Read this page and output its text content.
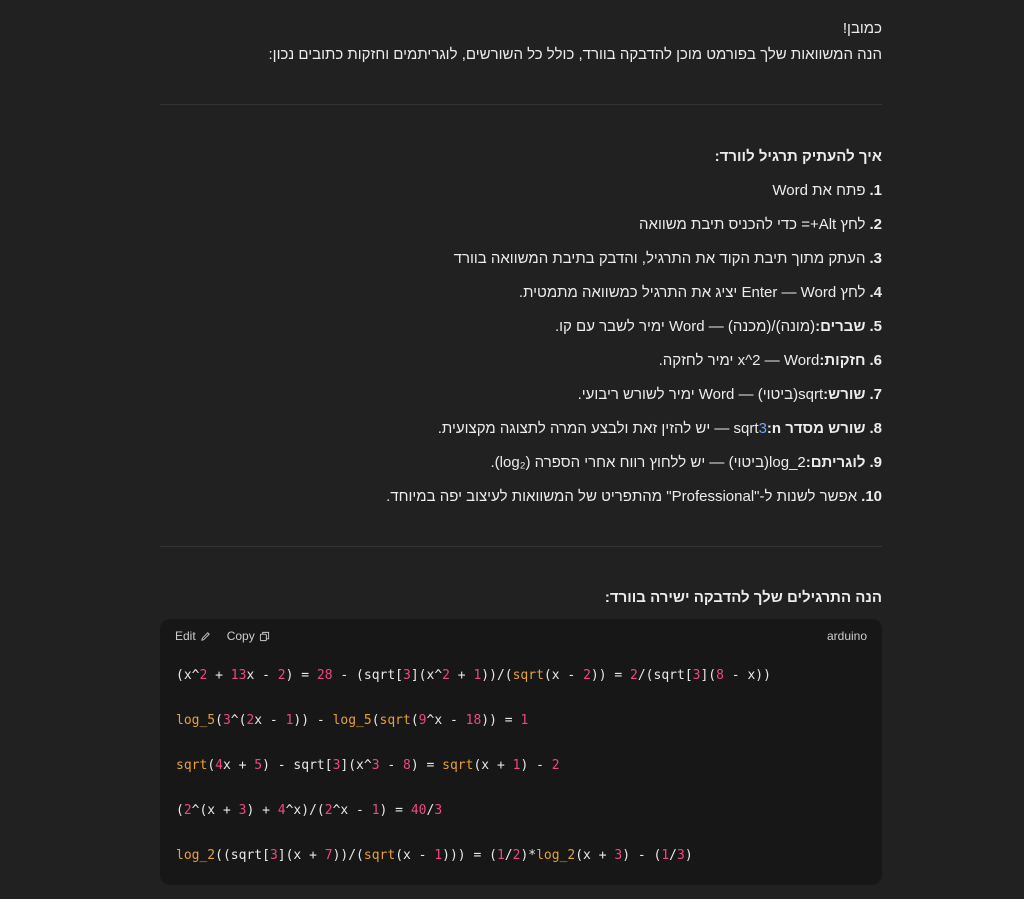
כמובן!

הנה המשוואות שלך בפורמט מוכן להדבקה בוורד, כולל כל השורשים, לוגריתמים וחזקות כתובים נכון:

איך להעתיק תרגיל לוורד:
1.
פתח את Word
2.
לחץ Alt+= כדי להכניס תיבת משוואה
3.
העתק מתוך תיבת הקוד את התרגיל, והדבק בתיבת המשוואה בוורד
4.
לחץ Enter — Word יציג את התרגיל כמשוואה מתמטית.
5.
שברים:
(מונה)/(מכנה) — Word ימיר לשבר עם קו.
6.
חזקות:
x^2 — Word ימיר לחזקה.
7.
שורש:
sqrt(ביטוי) — Word ימיר לשורש ריבועי.
8.
שורש מסדר n:
sqrt3 — יש להזין זאת ולבצע המרה לתצוגה מקצועית.
9.
לוגריתם:
log_2(ביטוי) — יש ללחוץ רווח אחרי הספרה (log₂).
10.
אפשר לשנות ל-"Professional" מהתפריט של המשוואות לעיצוב יפה במיוחד.
הנה התרגילים שלך להדבקה ישירה בוורד:
Edit	Copy	arduino
(x^2 + 13x - 2) = 28 - (sqrt[3](x^2 + 1))/(sqrt(x - 2)) = 2/(sqrt[3](8 - x))
log_5(3^(2x - 1)) - log_5(sqrt(9^x - 18)) = 1
sqrt(4x + 5) - sqrt[3](x^3 - 8) = sqrt(x + 1) - 2
(2^(x + 3) + 4^x)/(2^x - 1) = 40/3
log_2((sqrt[3](x + 7))/(sqrt(x - 1))) = (1/2)*log_2(x + 3) - (1/3)
